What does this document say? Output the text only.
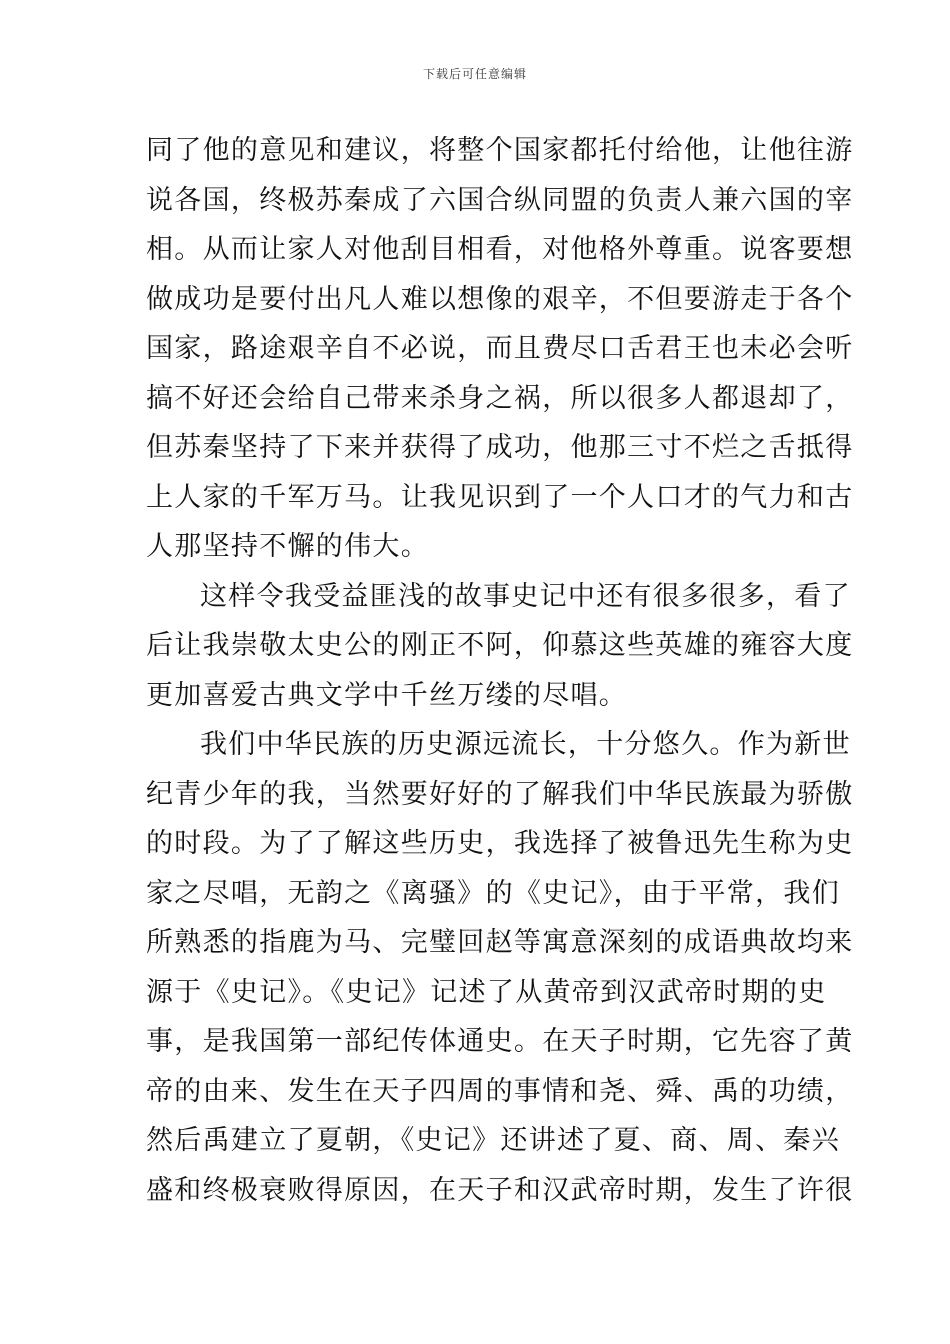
下载后可任意编辑
同了他的意见和建议，将整个国家都托付给他，让他往游
说各国，终极苏秦成了六国合纵同盟的负责人兼六国的宰
相。从而让家人对他刮目相看，对他格外尊重。说客要想
做成功是要付出凡人难以想像的艰辛，不但要游走于各个
国家，路途艰辛自不必说，而且费尽口舌君王也未必会听
搞不好还会给自己带来杀身之祸，所以很多人都退却了，
但苏秦坚持了下来并获得了成功，他那三寸不烂之舌抵得
上人家的千军万马。让我见识到了一个人口才的气力和古
人那坚持不懈的伟大。
这样令我受益匪浅的故事史记中还有很多很多，看了
后让我崇敬太史公的刚正不阿，仰慕这些英雄的雍容大度
更加喜爱古典文学中千丝万缕的尽唱。
我们中华民族的历史源远流长，十分悠久。作为新世
纪青少年的我，当然要好好的了解我们中华民族最为骄傲
的时段。为了了解这些历史，我选择了被鲁迅先生称为史
家之尽唱，无韵之《离骚》的《史记》，由于平常，我们
所熟悉的指鹿为马、完璧回赵等寓意深刻的成语典故均来
源于《史记》。《史记》记述了从黄帝到汉武帝时期的史
事，是我国第一部纪传体通史。在天子时期，它先容了黄
帝的由来、发生在天子四周的事情和尧、舜、禹的功绩，
然后禹建立了夏朝，《史记》还讲述了夏、商、周、秦兴
盛和终极衰败得原因，在天子和汉武帝时期，发生了许很
